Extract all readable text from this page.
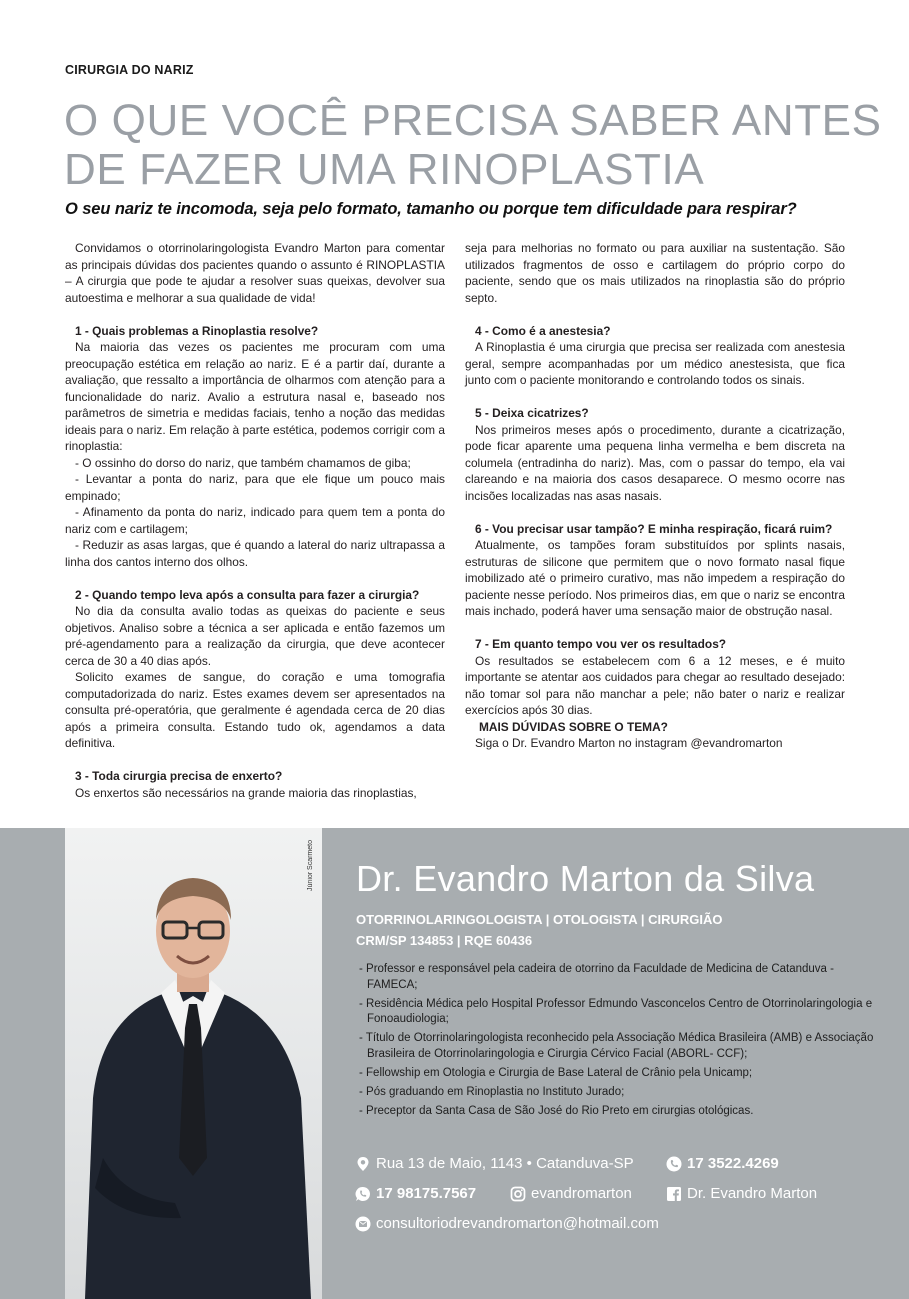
CIRURGIA DO NARIZ
O QUE VOCÊ PRECISA SABER ANTES
DE FAZER UMA RINOPLASTIA
O seu nariz te incomoda, seja pelo formato, tamanho ou porque tem dificuldade para respirar?

Convidamos o otorrinolaringologista Evandro Marton para comentar as principais dúvidas dos pacientes quando o assunto é RINOPLASTIA – A cirurgia que pode te ajudar a resolver suas queixas, devolver sua autoestima e melhorar a sua qualidade de vida!

1 - Quais problemas a Rinoplastia resolve?

Na maioria das vezes os pacientes me procuram com uma preocupação estética em relação ao nariz. E é a partir daí, durante a avaliação, que ressalto a importância de olharmos com atenção para a funcionalidade do nariz. Avalio a estrutura nasal e, baseado nos parâmetros de simetria e medidas faciais, tenho a noção das medidas ideais para o nariz. Em relação à parte estética, podemos corrigir com a rinoplastia:

- O ossinho do dorso do nariz, que também chamamos de giba;

- Levantar a ponta do nariz, para que ele fique um pouco mais empinado;

- Afinamento da ponta do nariz, indicado para quem tem a ponta do nariz com e cartilagem;

- Reduzir as asas largas, que é quando a lateral do nariz ultrapassa a linha dos cantos interno dos olhos.

2 - Quando tempo leva após a consulta para fazer a cirurgia?

No dia da consulta avalio todas as queixas do paciente e seus objetivos. Analiso sobre a técnica a ser aplicada e então fazemos um pré-agendamento para a realização da cirurgia, que deve acontecer cerca de 30 a 40 dias após.

Solicito exames de sangue, do coração e uma tomografia computadorizada do nariz. Estes exames devem ser apresentados na consulta pré-operatória, que geralmente é agendada cerca de 20 dias após a primeira consulta. Estando tudo ok, agendamos a data definitiva.

3 - Toda cirurgia precisa de enxerto?

Os enxertos são necessários na grande maioria das rinoplastias,

seja para melhorias no formato ou para auxiliar na sustentação. São utilizados fragmentos de osso e cartilagem do próprio corpo do paciente, sendo que os mais utilizados na rinoplastia são do próprio septo.

4 - Como é a anestesia?

A Rinoplastia é uma cirurgia que precisa ser realizada com anestesia geral, sempre acompanhadas por um médico anestesista, que fica junto com o paciente monitorando e controlando todos os sinais.

5 - Deixa cicatrizes?

Nos primeiros meses após o procedimento, durante a cicatrização, pode ficar aparente uma pequena linha vermelha e bem discreta na columela (entradinha do nariz). Mas, com o passar do tempo, ela vai clareando e na maioria dos casos desaparece. O mesmo ocorre nas incisões localizadas nas asas nasais.

6 - Vou precisar usar tampão? E minha respiração, ficará ruim?

Atualmente, os tampões foram substituídos por splints nasais, estruturas de silicone que permitem que o novo formato nasal fique imobilizado até o primeiro curativo, mas não impedem a respiração do paciente nesse período. Nos primeiros dias, em que o nariz se encontra mais inchado, poderá haver uma sensação maior de obstrução nasal.

7 - Em quanto tempo vou ver os resultados?

Os resultados se estabelecem com 6 a 12 meses, e é muito importante se atentar aos cuidados para chegar ao resultado desejado: não tomar sol para não manchar a pele; não bater o nariz e realizar exercícios após 30 dias.

MAIS DÚVIDAS SOBRE O TEMA?

Siga o Dr. Evandro Marton no instagram @evandromarton

Júnior Scarmeto Dr. Evandro Marton da Silva
OTORRINOLARINGOLOGISTA | OTOLOGISTA | CIRURGIÃO
CRM/SP 134853 | RQE 60436
- Professor e responsável pela cadeira de otorrino da Faculdade de Medicina de Catanduva - FAMECA;
- Residência Médica pelo Hospital Professor Edmundo Vasconcelos Centro de Otorrinolaringologia e Fonoaudiologia;
- Título de Otorrinolaringologista reconhecido pela Associação Médica Brasileira (AMB) e Associação Brasileira de Otorrinolaringologia e Cirurgia Cérvico Facial (ABORL- CCF);
- Fellowship em Otologia e Cirurgia de Base Lateral de Crânio pela Unicamp;
- Pós graduando em Rinoplastia no Instituto Jurado;
- Preceptor da Santa Casa de São José do Rio Preto em cirurgias otológicas.
Rua 13 de Maio, 1143 • Catanduva-SP	17 3522.4269
17 98175.7567	evandromarton	Dr. Evandro Marton
consultoriodrevandromarton@hotmail.com
